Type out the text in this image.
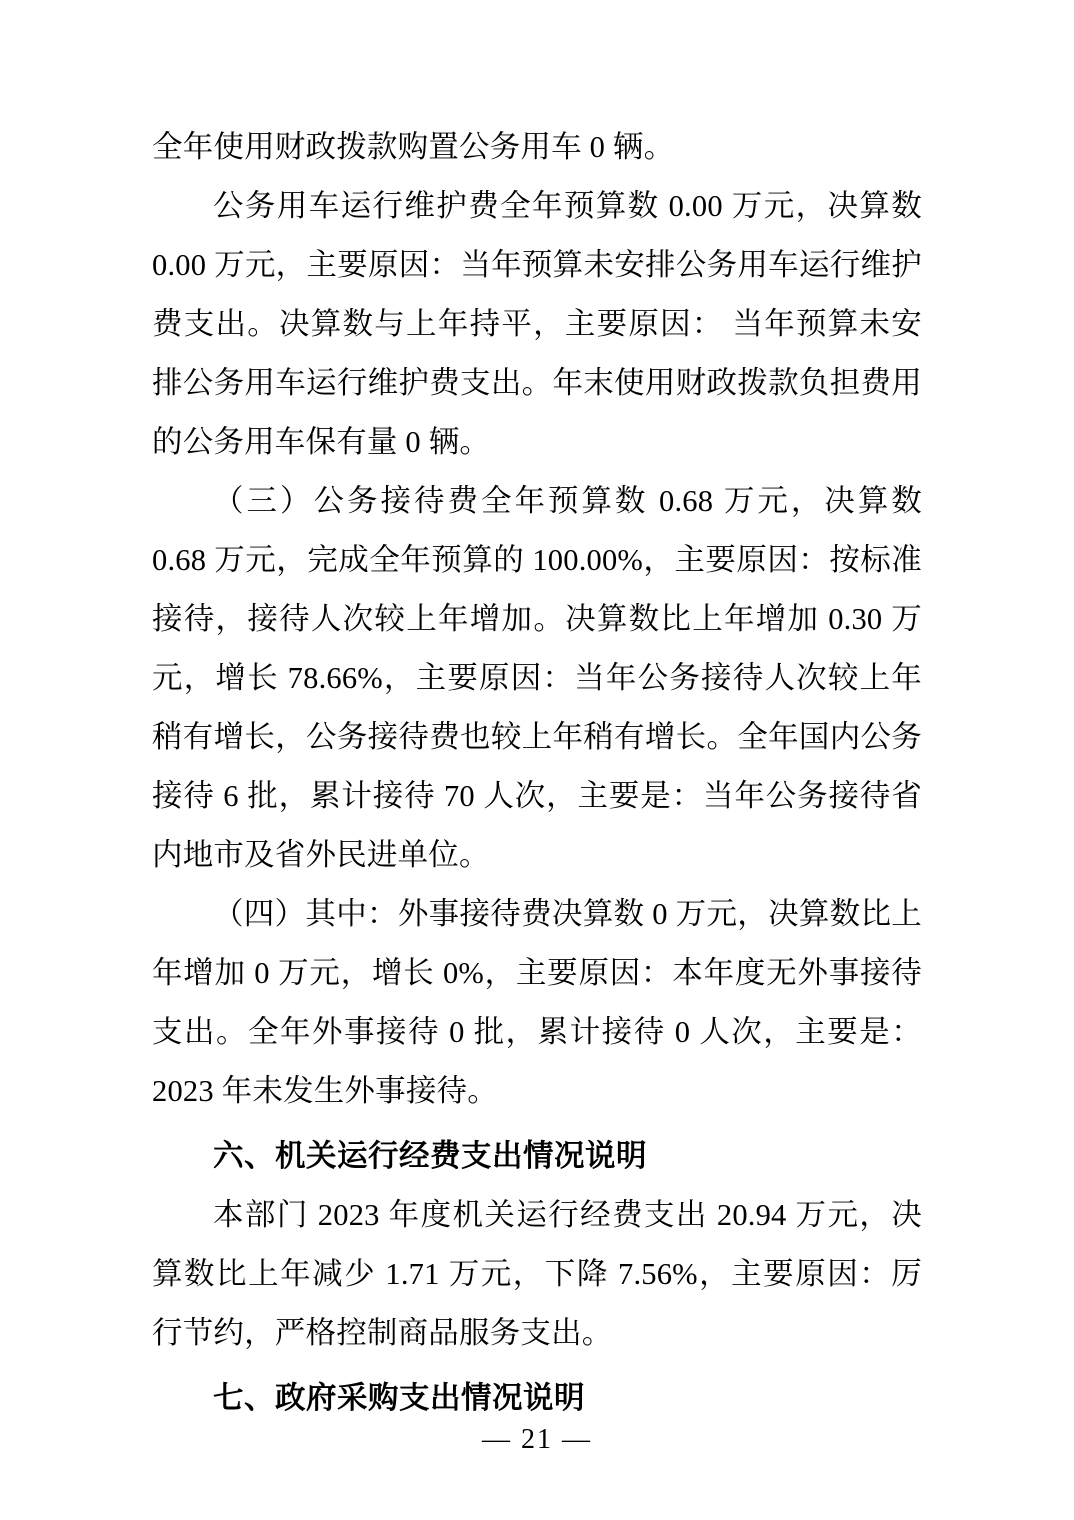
全年使用财政拨款购置公务用车 0 辆。

公务用车运行维护费全年预算数 0.00 万元，决算数 0.00 万元，主要原因：当年预算未安排公务用车运行维护费支出。决算数与上年持平，主要原因： 当年预算未安排公务用车运行维护费支出。年末使用财政拨款负担费用的公务用车保有量 0 辆。

（三）公务接待费全年预算数 0.68 万元，决算数 0.68 万元，完成全年预算的 100.00%，主要原因：按标准接待，接待人次较上年增加。决算数比上年增加 0.30 万元，增长 78.66%，主要原因：当年公务接待人次较上年稍有增长，公务接待费也较上年稍有增长。全年国内公务接待 6 批，累计接待 70 人次，主要是：当年公务接待省内地市及省外民进单位。

（四）其中：外事接待费决算数 0 万元，决算数比上年增加 0 万元，增长 0%，主要原因：本年度无外事接待支出。全年外事接待 0 批，累计接待 0 人次，主要是：2023 年未发生外事接待。

六、机关运行经费支出情况说明

本部门 2023 年度机关运行经费支出 20.94 万元，决算数比上年减少 1.71 万元，下降 7.56%，主要原因：厉行节约，严格控制商品服务支出。

七、政府采购支出情况说明
— 21 —
